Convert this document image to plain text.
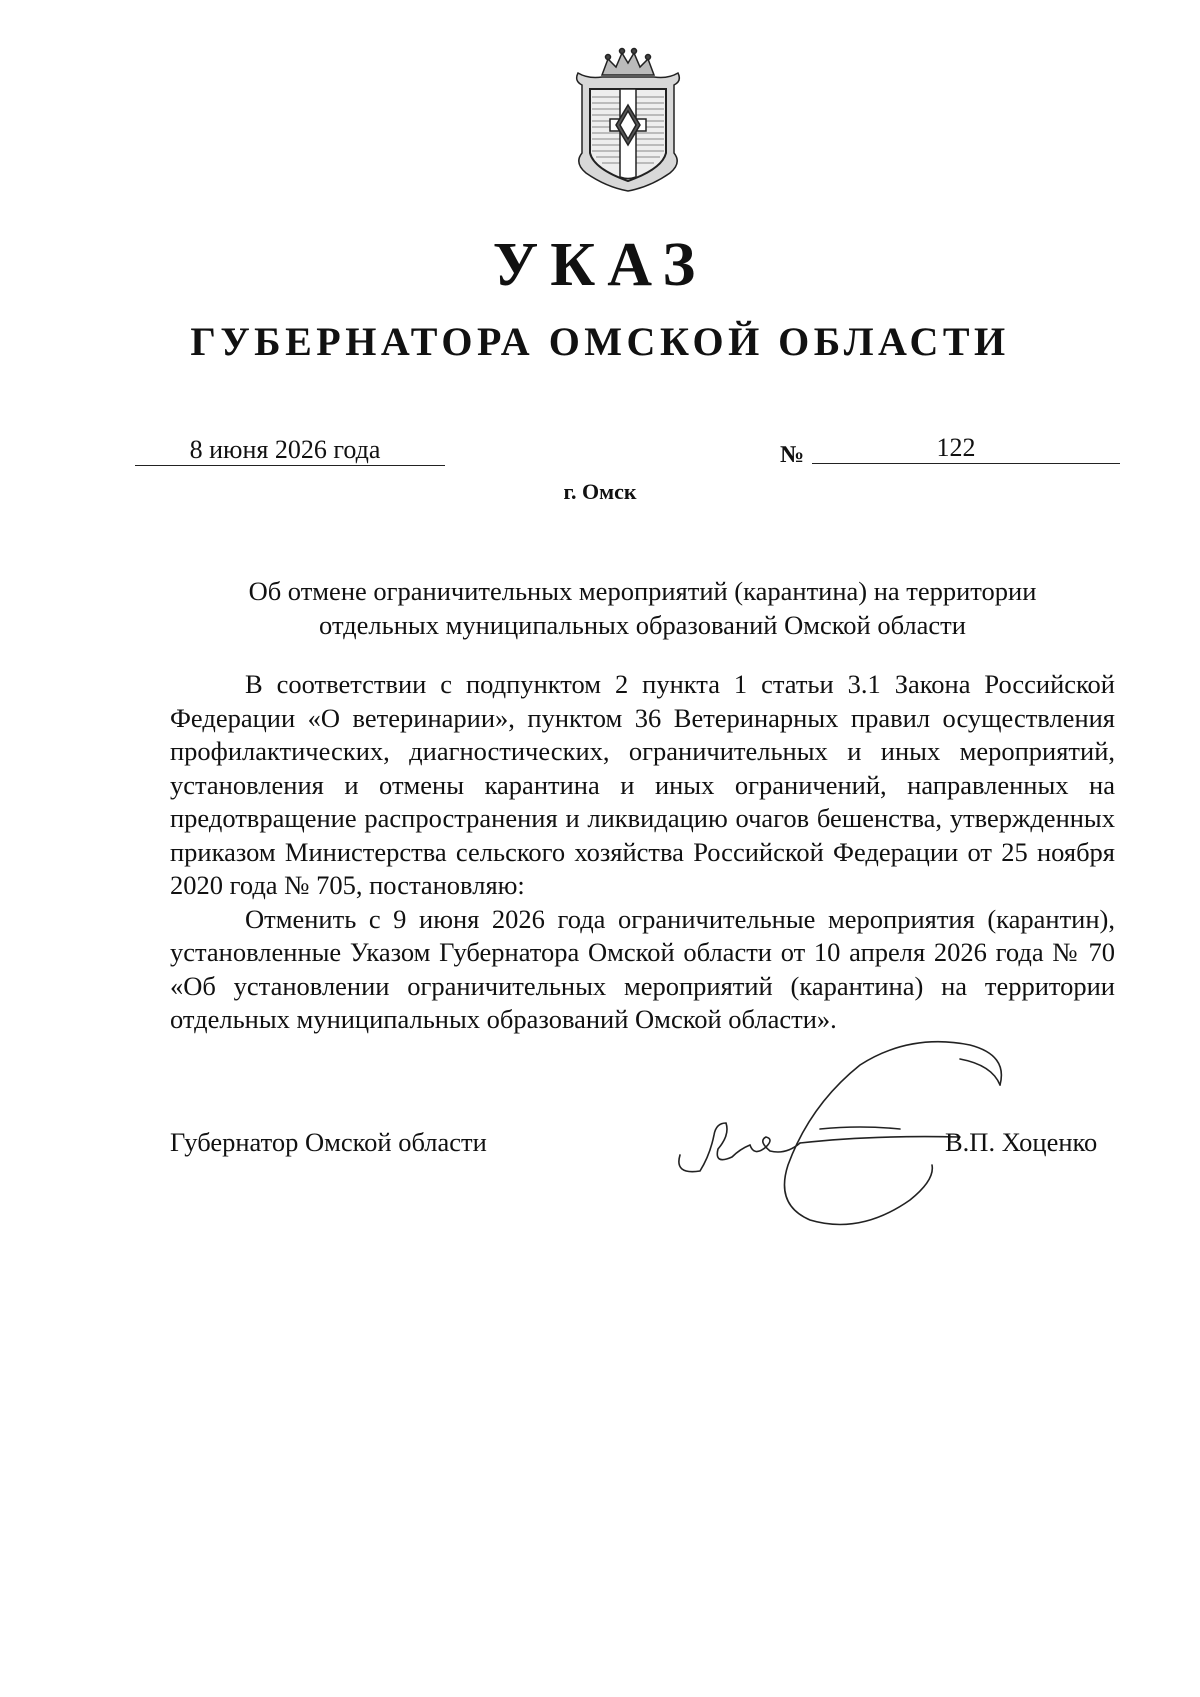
УКАЗ
ГУБЕРНАТОРА ОМСКОЙ ОБЛАСТИ
8 июня 2026 года	№	122
г. Омск
Об отмене ограничительных мероприятий (карантина) на территории
отдельных муниципальных образований Омской области

В соответствии с подпунктом 2 пункта 1 статьи 3.1 Закона Российской Федерации «О ветеринарии», пунктом 36 Ветеринарных правил осуществления профилактических, диагностических, ограничительных и иных мероприятий, установления и отмены карантина и иных ограничений, направленных на предотвращение распространения и ликвидацию очагов бешенства, утвержденных приказом Министерства сельского хозяйства Российской Федерации от 25 ноября 2020 года № 705, постановляю:

Отменить с 9 июня 2026 года ограничительные мероприятия (карантин), установленные Указом Губернатора Омской области от 10 апреля 2026 года № 70 «Об установлении ограничительных мероприятий (карантина) на территории отдельных муниципальных образований Омской области».

Губернатор Омской области	В.П. Хоценко
